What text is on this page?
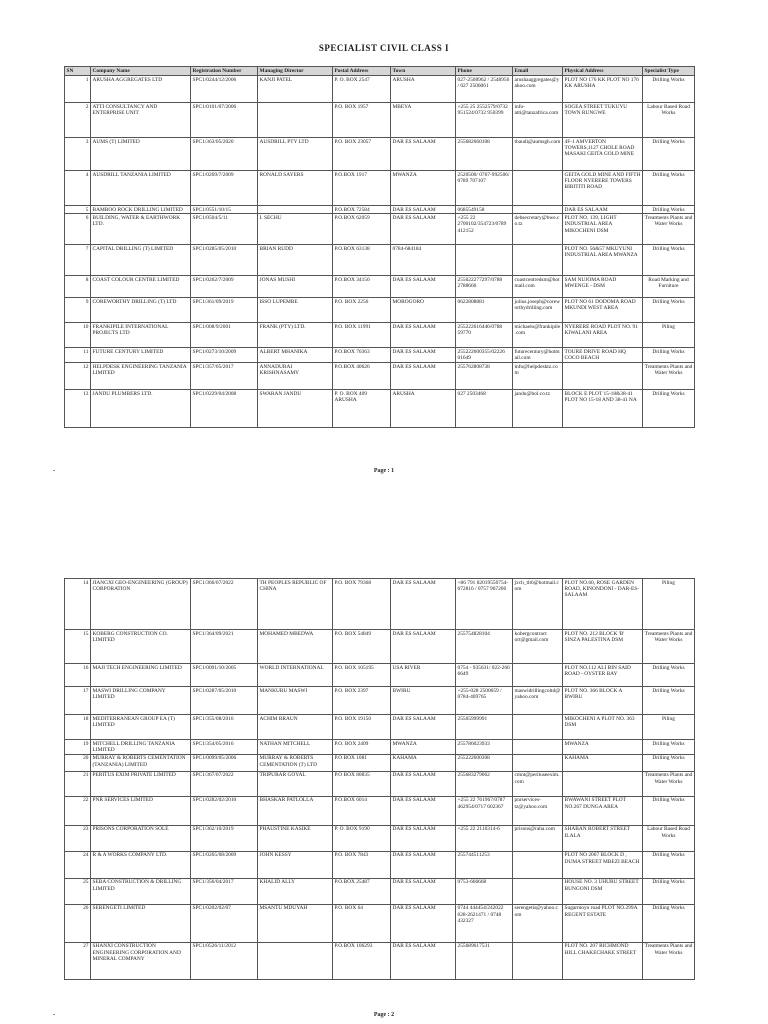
SPECIALIST CIVIL CLASS I
SN	Company Name	Registration Number	Managing Director	Postal Address	Town	Phone	Email	Physical Address	Specialist Type
1	ARUSHA AGGREGATES LTD	SPC1/0244/12/2006	KANJI PATEL	P. O. BOX 2547	ARUSHA	027-2508962 / 2548956 / 027 2506061	arushaaggregates@yahoo.com	PLOT NO 176 KK PLOT NO 176 KK ARUSHA	Drilling Works
2	ATTI CONSULTANCY AND ENTERPRISE UNIT	SPC1/0101/07/2006		P.O. BOX 1957	MBEYA	+255 25 2552579/0732 951524/0732 950399	info-atti@tanzafrica.com	SOGEA STREET TUKUYU TOWN RUNGWE	Labour Based Road Works
3	AUMS (T) LIMITED	SPC1/363/05/2020	AUSDRILL PTY LTD	P.O. BOX 23057	DAR ES SALAAM	255682660108	tbaudi@aumsgh.com	4F-1 AMVERTON TOWERS,1127 CHOLE ROAD MASAKI GEITA GOLD MINE	Drilling Works
4	AUSDRILL TANZANIA LIMITED	SPC1/0269/7/2009	RONALD SAYERS	P.O.BOX 1917	MWANZA	2520500/ 0767-992506/ 0789 707107		GEITA GOLD MINE AND FIFTH FLOOR NYERERE TOWERS BIBITITI ROAD	Drilling Works
5	BAMBOO ROCK DRILLING LIMITED	SPC1/0551/10/15		P.O.BOX 72584	DAR ES SALAAM	0685549158		DAR ES SALAAM	Drilling Works
6	BUILDING, WATER & EARTHWORK LTD.	SPC1/0504/5/11	I. SECHU	P.O.BOX 62059	DAR ES SALAAM	+255 22 2700102/354723/0789 412152	debsecretary@bwe.co.tz	PLOT NO. 139, LIGHT INDUSTRIAL AREA MIKOCHENI DSM	Treatments Plants and Water Works
7	CAPITAL DRILLING (T) LIMITED	SPC1/0285/05/2010	BRIAN RUDD	P.O.BOX 63138	0784-684184			PLOT NO. 56&57 MKUYUNI INDUSTRIAL AREA MWANZA	Drilling Works
8	COAST COLOUR CENTRE LIMITED	SPC1/0262/7/2009	JONAS MUSHI	P.O.BOX 34156	DAR ES SALAAM	255022277297/0788 2788666	coastcentredsm@hotmail.com	SAM NUJOMA ROAD MWENGE - DSM	Road Marking and Furniture
9	COREWORTHY DRILLING (T) LTD	SPC1/361/09/2019	ISSO LUPEMBE	P.O. BOX 2256	MOROGORO	0622808881	julius.joseph@coreworthydrilling.com	PLOT NO 61 DODOMA ROAD MKUNDI WEST AREA	Drilling Works
10	FRANKIPILE INTERNATIONAL PROJECTS LTD	SPC1/008/9/2001	FRANK (PTY) LTD.	P.O. BOX 11991	DAR ES SALAAM	255222616446/0788 59770	michaelo@frankipile.com	NYERERE ROAD PLOT NO. 91 KIWALANI AREA	Piling
11	FUTURE CENTURY LIMITED	SPC1/0273/10/2009	ALBERT MHANIKA	P.O.BOX 76363	DAR ES SALAAM	255222600355/02226 01649	futurecentury@hotmail.com	TOURE DRIVE ROAD HQ COCO BEACH	Drilling Works
12	HELPDESK ENGINEERING TANZANIA LIMITED	SPC1/357/05/2017	ANNADURAI KRISHNASAMY	P.O.BOX 40626	DAR ES SALAAM	255762808738	info@helpdesktz.com		Treatments Plants and Water Works
13	JANDU PLUMBERS LTD.	SPC1/0229/04/2008	SWARAN JANDU	P. O. BOX 409 ARUSHA	ARUSHA	027 2503468	jandu@bol.co.tz	BLOCK E PLOT 15-18&38-41 PLOT NO 15-18 AND 38-41 NA	Drilling Works
-	Page : 1
14	JIANGXI GEO-ENGINEERING (GROUP) CORPORATION	SPC1/366/07/2022	TH PEOPLES REPUBLIC OF CHINA	P.O. BOX 79368	DAR ES SALAAM	+86 791 82019550754-672816 / 0757 967206	jxch_tlt6@hotmail.com	PLOT NO.60, ROSE GARDEN ROAD, KINONDONI - DAR-ES-SALAAM	Piling
15	KOBERG CONSTRUCTION CO. LIMITED	SPC1/364/09/2021	MOHAMED MBEDWA	P.O. BOX 54849	DAR ES SALAAM	255754828104	kobergcontract ort@gmail.com	PLOT NO. 212 BLOCK 'B' SINZA PALESTINA DSM	Treatments Plants and Water Works
16	MAJI TECH ENGINEERING LIMITED	SPC1/0091/10/2005	WORLD INTERNATIONAL	P.O. BOX 105195	USA RIVER	0754 - 935631/ 022-266 6649		PLOT NO.112 ALI BIN SAID ROAD - OYSTER BAY	Drilling Works
17	MASWI DRILLING COMPANY LIMITED	SPC1/0287/05/2010	MANKURU MASWI	P.O. BOX 2397	BWIRU	+255-028 2500659 / 0784-469765	maswidrillingcoltd@yahoo.com	PLOT NO. 366 BLOCK A BWIRU	Drilling Works
18	MEDITERRANEAN GROUP EA (T) LIMITED	SPC1/355/08/2016	ACHIM BRAUN	P.O. BOX 19150	DAR ES SALAAM	25565999991		MIKOCHENI A PLOT NO. 363 DSM	Piling
19	MITCHELL DRILLING TANZANIA LIMITED	SPC1/354/05/2016	NATHAN MITCHELL	P.O. BOX 2409	MWANZA	255786023933		MWANZA	Drilling Works
20	MURRAY & ROBERTS CEMENTATION (TANZANIA) LIMITED	SPC1/0099/05/2006	MURRAY & ROBERTS CEMENTATION (T) LTD	P.O BOX 1081	KAHAMA	255222600308		KAHAMA	Drilling Works
21	PERITUS EXIM PRIVATE LIMITED	SPC1/367/07/2022	TRIPURAR GOYAL	P.O BOX 80835	DAR ES SALAAM	255683279062	cmnt@perituseexim.com		Treatments Plants and Water Works
22	PNR SERVICES LIMITED	SPC1/0282/02/2010	BHASKAR PATLOLLA	P.O.BOX 6014	DAR ES SALAAM	+255 22 761967/0787 462954/0717 602367	pnrservices-tz@yahoo.com	BWAWANI STREET PLOT NO.267 DUNGA AREA	Drilling Works
23	PRISONS CORPORATION SOLE	SPC1/362/10/2019	PHAUSTINE KASIKE	P. O. BOX 9190	DAR ES SALAAM	+255 22 2110314-6	prisons@raha.com	SHABAN ROBERT STREET ILALA	Labour Based Road Works
24	R & A WORKS COMPANY LTD.	SPC1/0265/08/2009	JOHN KESSY	P.O. BOX 7843	DAR ES SALAAM	255744511253		PLOT NO 2067 BLOCK D , DUMA STREET MBEZI BEACH	Drilling Works
25	SEBA CONSTRUCTION & DRILLING LIMITED	SPC1/356/04/2017	KHALID ALLY	P.O.BOX 25487	DAR ES SALAAM	0753-666668		HOUSE NO. 3 UHURU STREET BUNGONI DSM	Drilling Works
26	SERENGETI LIMITED	SPC1/0202/02/07	MSANTU MDUYAH	P.O. BOX 64	DAR ES SALAAM	0744 444454/242022 028-2621471 / 0748 432327	serengetis@yahoo.com	Sugarmoyo road PLOT NO.299A REGENT ESTATE	Drilling Works
27	SHANXI CONSTRUCTION ENGINEERING CORPORATION AND MINERAL COMPANY	SPC1/0526/11/2012		P.O.BOX 106293	DAR ES SALAAM	255689617531		PLOT NO. 207 RICHMOND HILL CHAKECHAKE STREET	Treatments Plants and Water Works
-	Page : 2
